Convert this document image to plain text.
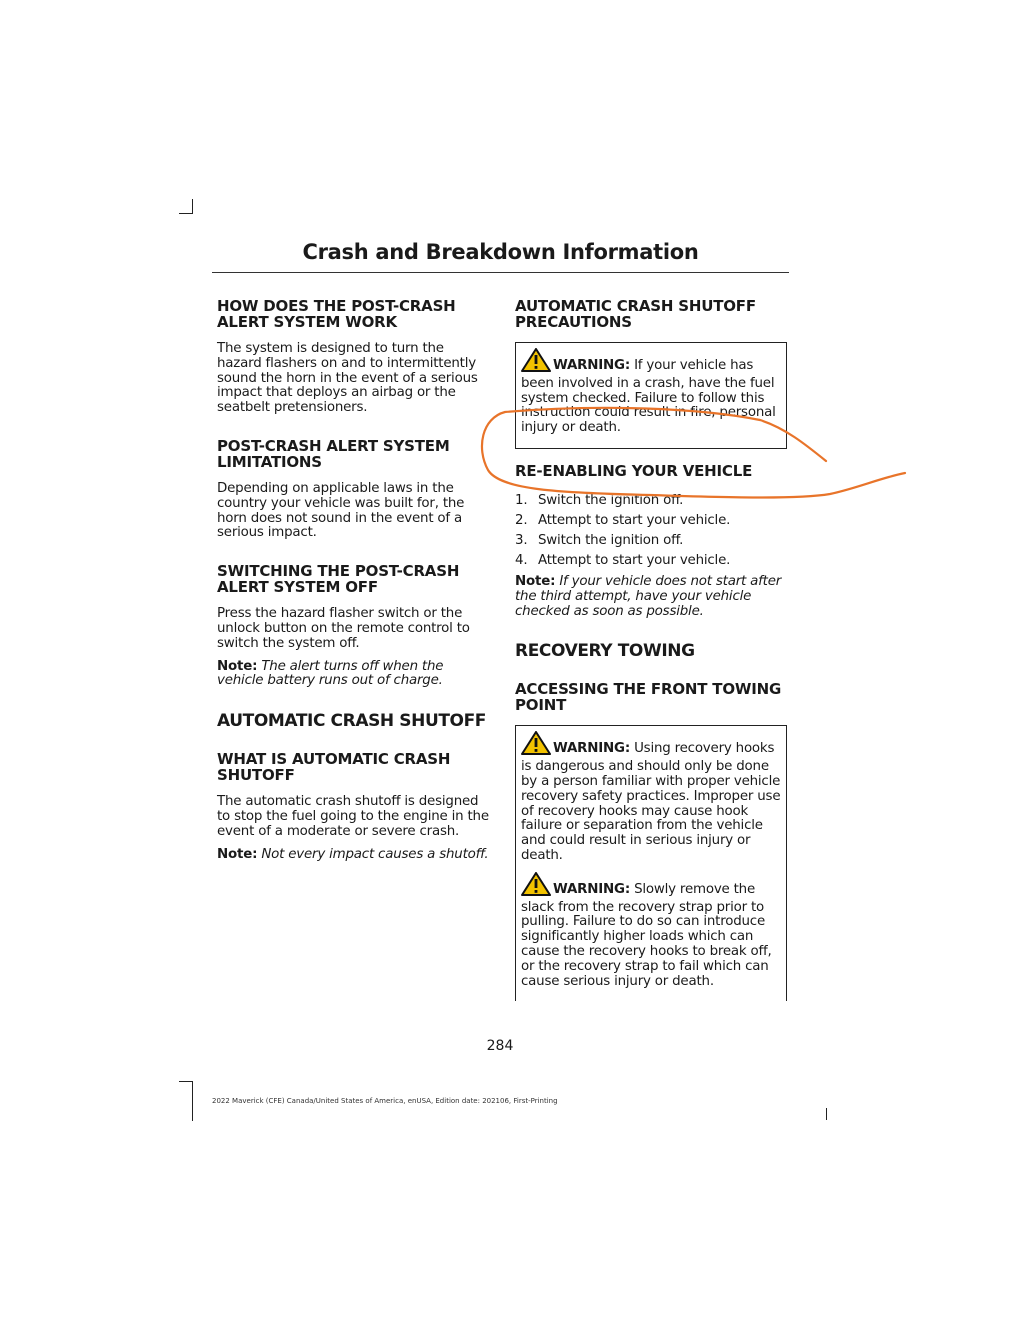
Crash and Breakdown Information
HOW DOES THE POST-CRASH ALERT SYSTEM WORK

The system is designed to turn the hazard flashers on and to intermittently sound the horn in the event of a serious impact that deploys an airbag or the seatbelt pretensioners.

POST-CRASH ALERT SYSTEM LIMITATIONS

Depending on applicable laws in the country your vehicle was built for, the horn does not sound in the event of a serious impact.

SWITCHING THE POST-CRASH ALERT SYSTEM OFF

Press the hazard flasher switch or the unlock button on the remote control to switch the system off.

Note: The alert turns off when the vehicle battery runs out of charge.

AUTOMATIC CRASH SHUTOFF
WHAT IS AUTOMATIC CRASH SHUTOFF

The automatic crash shutoff is designed to stop the fuel going to the engine in the event of a moderate or severe crash.

Note: Not every impact causes a shutoff.

AUTOMATIC CRASH SHUTOFF PRECAUTIONS
WARNING: If your vehicle has been involved in a crash, have the fuel system checked. Failure to follow this instruction could result in fire, personal injury or death.
RE-ENABLING YOUR VEHICLE
1. Switch the ignition off.
2. Attempt to start your vehicle.
3. Switch the ignition off.
4. Attempt to start your vehicle.

Note: If your vehicle does not start after the third attempt, have your vehicle checked as soon as possible.

RECOVERY TOWING
ACCESSING THE FRONT TOWING POINT
WARNING: Using recovery hooks is dangerous and should only be done by a person familiar with proper vehicle recovery safety practices. Improper use of recovery hooks may cause hook failure or separation from the vehicle and could result in serious injury or death.
WARNING: Slowly remove the slack from the recovery strap prior to pulling. Failure to do so can introduce significantly higher loads which can cause the recovery hooks to break off, or the recovery strap to fail which can cause serious injury or death.
284
2022 Maverick (CFE) Canada/United States of America, enUSA, Edition date: 202106, First-Printing
